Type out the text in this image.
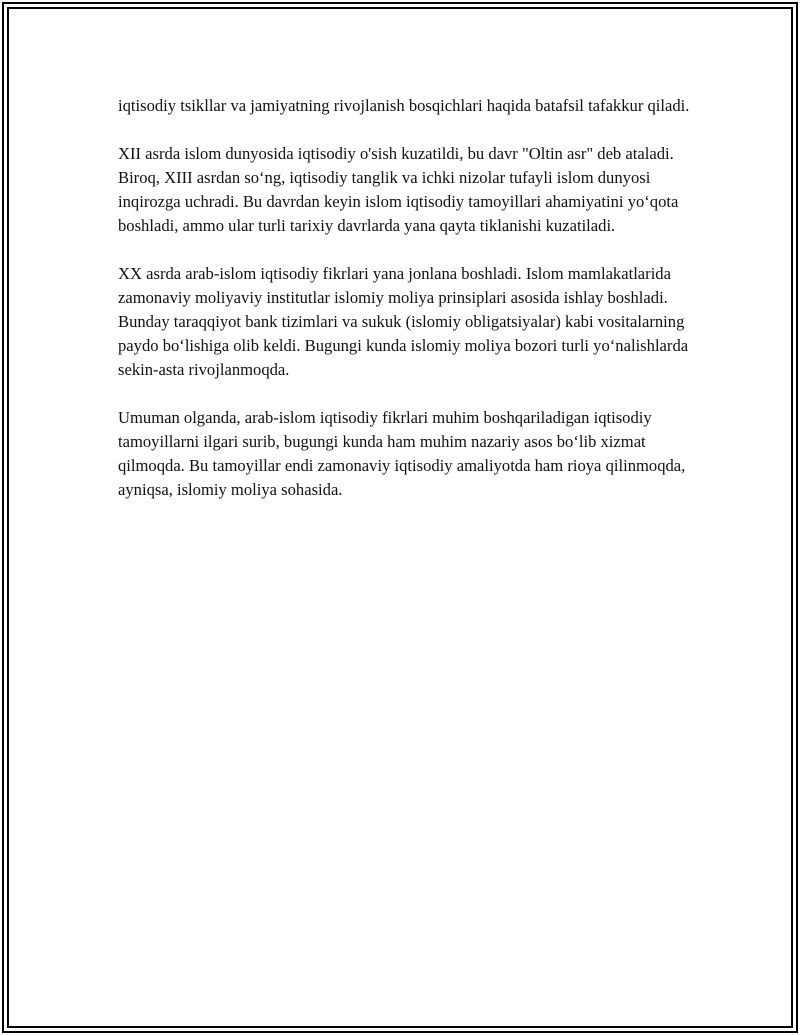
iqtisodiy tsikllar va jamiyatning rivojlanish bosqichlari haqida batafsil tafakkur qiladi.

XII asrda islom dunyosida iqtisodiy o'sish kuzatildi, bu davr "Oltin asr" deb ataladi. Biroq, XIII asrdan so‘ng, iqtisodiy tanglik va ichki nizolar tufayli islom dunyosi inqirozga uchradi. Bu davrdan keyin islom iqtisodiy tamoyillari ahamiyatini yo‘qota boshladi, ammo ular turli tarixiy davrlarda yana qayta tiklanishi kuzatiladi.

XX asrda arab-islom iqtisodiy fikrlari yana jonlana boshladi. Islom mamlakatlarida zamonaviy moliyaviy institutlar islomiy moliya prinsiplari asosida ishlay boshladi. Bunday taraqqiyot bank tizimlari va sukuk (islomiy obligatsiyalar) kabi vositalarning paydo bo‘lishiga olib keldi. Bugungi kunda islomiy moliya bozori turli yo‘nalishlarda sekin-asta rivojlanmoqda.

Umuman olganda, arab-islom iqtisodiy fikrlari muhim boshqariladigan iqtisodiy tamoyillarni ilgari surib, bugungi kunda ham muhim nazariy asos bo‘lib xizmat qilmoqda. Bu tamoyillar endi zamonaviy iqtisodiy amaliyotda ham rioya qilinmoqda, ayniqsa, islomiy moliya sohasida.
